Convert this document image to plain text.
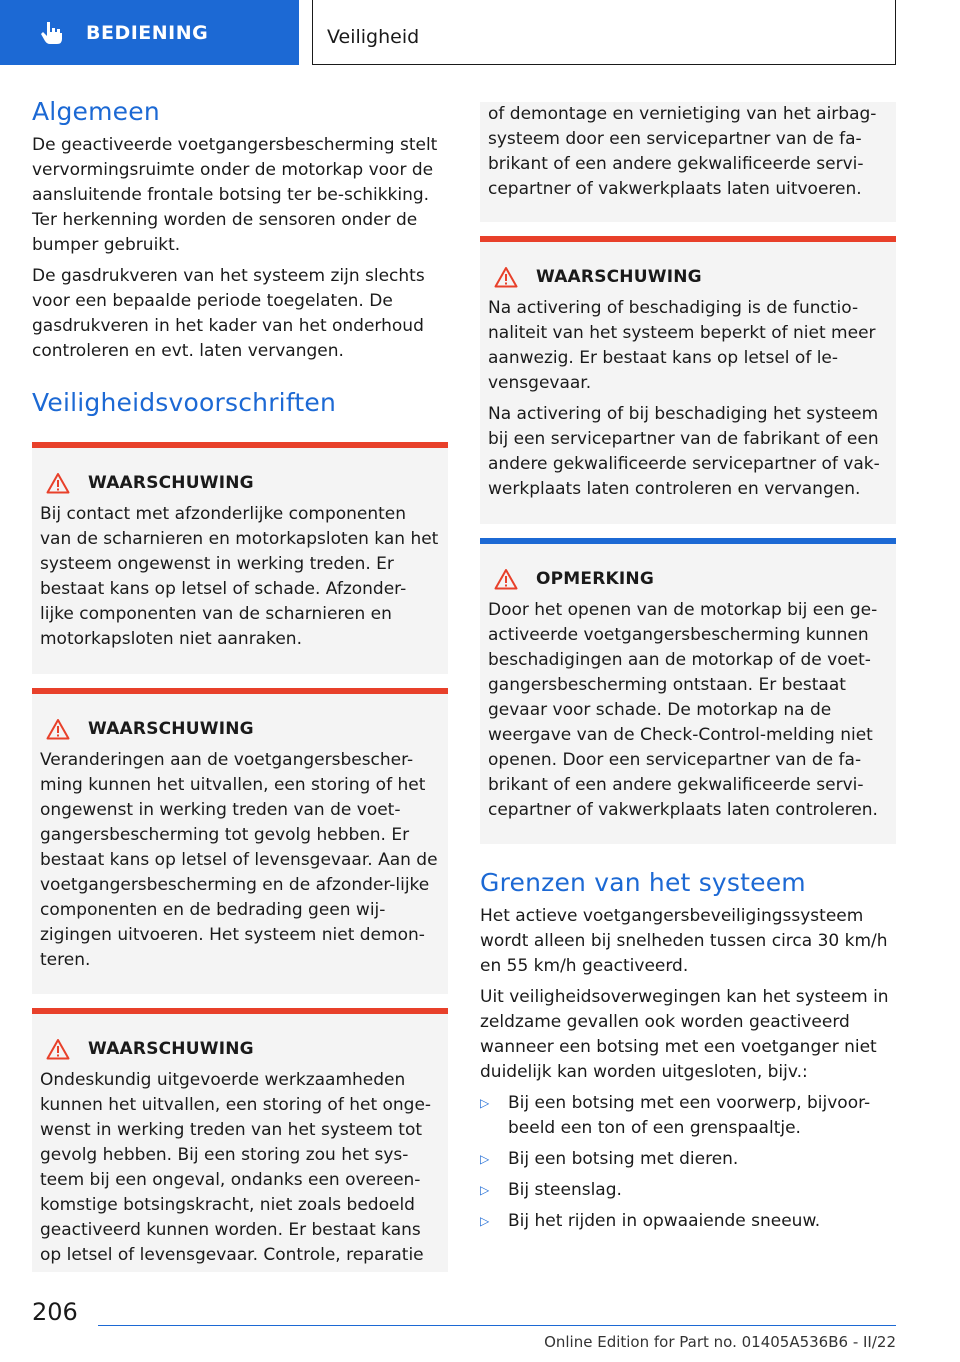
BEDIENING	Veiligheid
Algemeen

De geactiveerde voetgangersbescherming stelt vervormingsruimte onder de motorkap voor de aansluitende frontale botsing ter be-schikking. Ter herkenning worden de sensoren onder de bumper gebruikt.

De gasdrukveren van het systeem zijn slechts voor een bepaalde periode toegelaten. De gasdrukveren in het kader van het onderhoud controleren en evt. laten vervangen.

Veiligheidsvoorschriften
WAARSCHUWING

Bij contact met afzonderlijke componenten van de scharnieren en motorkapsloten kan het systeem ongewenst in werking treden. Er bestaat kans op letsel of schade. Afzonder-lijke componenten van de scharnieren en motorkapsloten niet aanraken.

WAARSCHUWING

Veranderingen aan de voetgangersbescher-ming kunnen het uitvallen, een storing of het ongewenst in werking treden van de voet-gangersbescherming tot gevolg hebben. Er bestaat kans op letsel of levensgevaar. Aan de voetgangersbescherming en de afzonder-lijke componenten en de bedrading geen wij-zigingen uitvoeren. Het systeem niet demon-teren.

WAARSCHUWING

Ondeskundig uitgevoerde werkzaamheden kunnen het uitvallen, een storing of het onge-wenst in werking treden van het systeem tot gevolg hebben. Bij een storing zou het sys-teem bij een ongeval, ondanks een overeen-komstige botsingskracht, niet zoals bedoeld geactiveerd kunnen worden. Er bestaat kans op letsel of levensgevaar. Controle, reparatie

of demontage en vernietiging van het airbag-systeem door een servicepartner van de fa-brikant of een andere gekwalificeerde servi-cepartner of vakwerkplaats laten uitvoeren.

WAARSCHUWING

Na activering of beschadiging is de functio-naliteit van het systeem beperkt of niet meer aanwezig. Er bestaat kans op letsel of le-vensgevaar.

Na activering of bij beschadiging het systeem bij een servicepartner van de fabrikant of een andere gekwalificeerde servicepartner of vak-werkplaats laten controleren en vervangen.

OPMERKING

Door het openen van de motorkap bij een ge-activeerde voetgangersbescherming kunnen beschadigingen aan de motorkap of de voet-gangersbescherming ontstaan. Er bestaat gevaar voor schade. De motorkap na de weergave van de Check-Control-melding niet openen. Door een servicepartner van de fa-brikant of een andere gekwalificeerde servi-cepartner of vakwerkplaats laten controleren.

Grenzen van het systeem

Het actieve voetgangersbeveiligingssysteem wordt alleen bij snelheden tussen circa 30 km/h en 55 km/h geactiveerd.

Uit veiligheidsoverwegingen kan het systeem in zeldzame gevallen ook worden geactiveerd wanneer een botsing met een voetganger niet duidelijk kan worden uitgesloten, bijv.:

▷	Bij een botsing met een voorwerp, bijvoor-beeld een ton of een grenspaaltje.
▷	Bij een botsing met dieren.
▷	Bij steenslag.
▷	Bij het rijden in opwaaiende sneeuw.
206
Online Edition for Part no. 01405A536B6 - II/22
